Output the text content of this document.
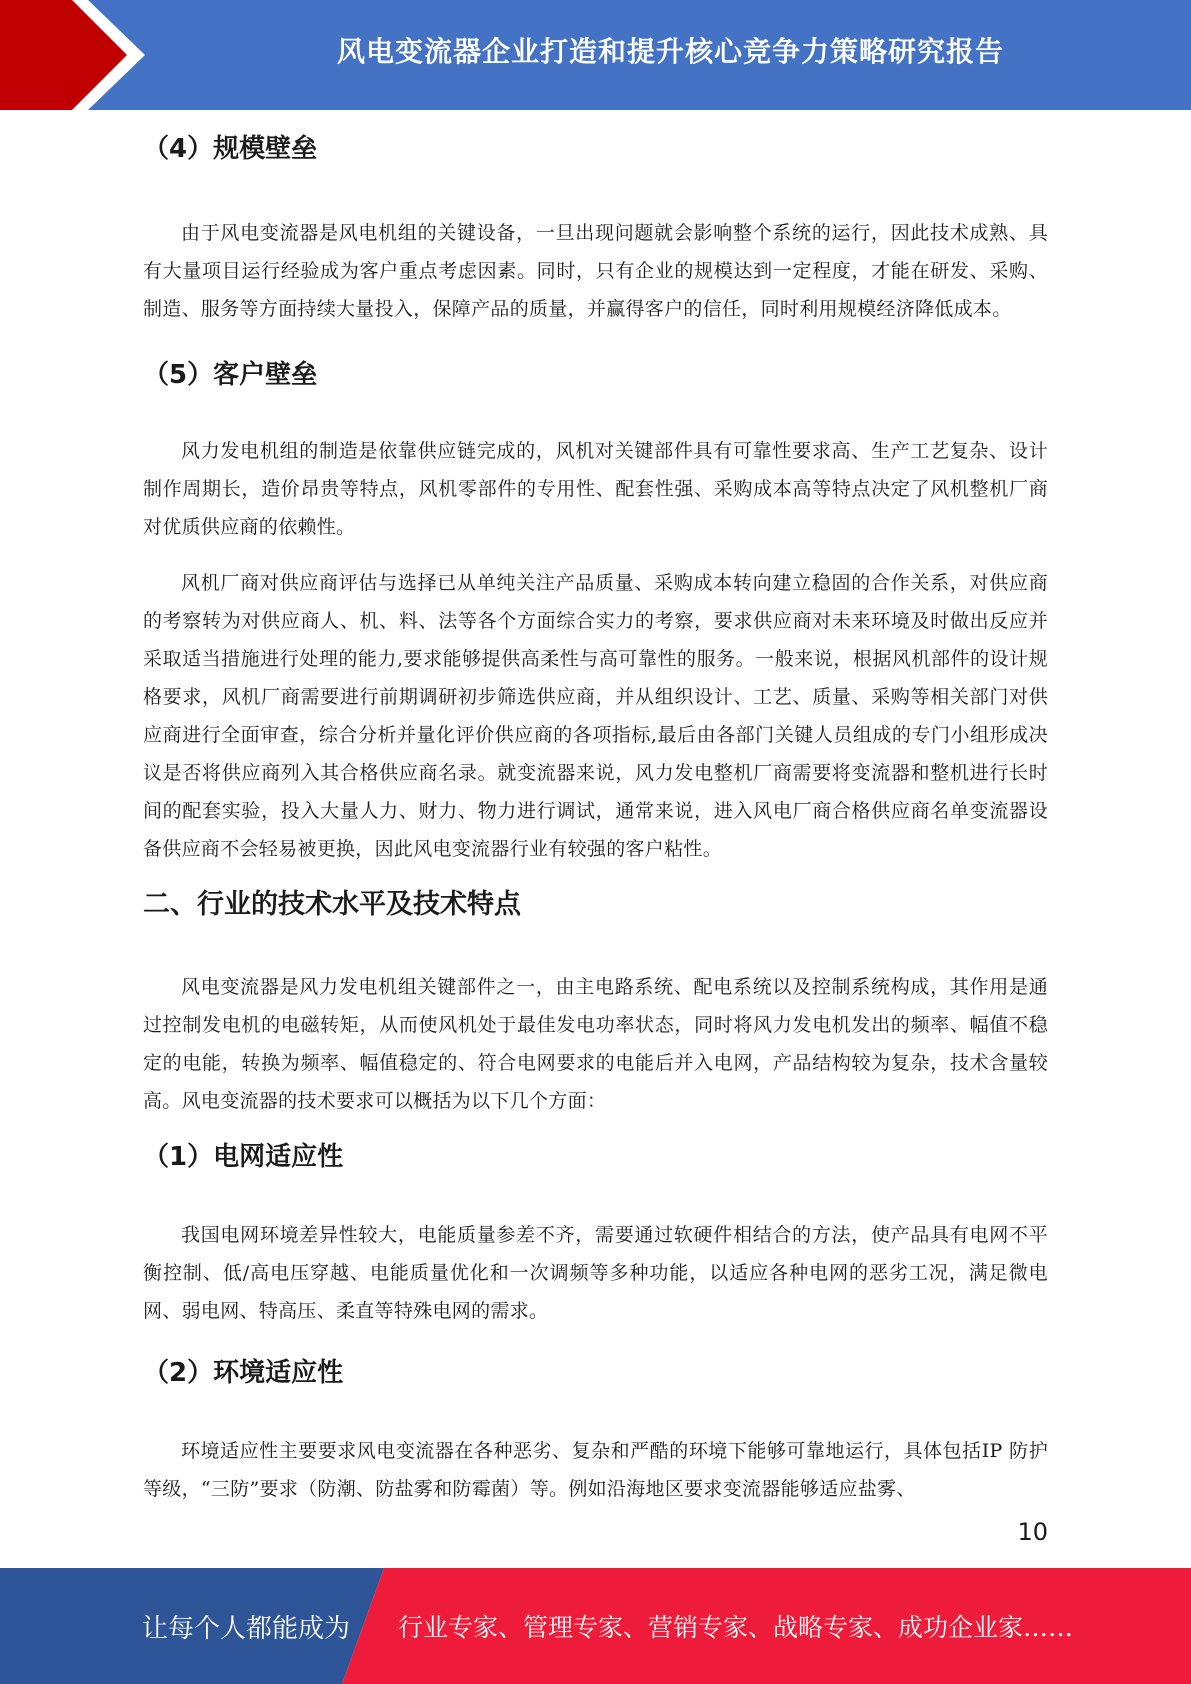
风电变流器企业打造和提升核心竞争力策略研究报告
（4）规模壁垒

由于风电变流器是风电机组的关键设备，一旦出现问题就会影响整个系统的运行，因此技术成熟、具有大量项目运行经验成为客户重点考虑因素。同时，只有企业的规模达到一定程度，才能在研发、采购、制造、服务等方面持续大量投入，保障产品的质量，并赢得客户的信任，同时利用规模经济降低成本。

（5）客户壁垒

风力发电机组的制造是依靠供应链完成的，风机对关键部件具有可靠性要求高、生产工艺复杂、设计制作周期长，造价昂贵等特点，风机零部件的专用性、配套性强、采购成本高等特点决定了风机整机厂商对优质供应商的依赖性。

风机厂商对供应商评估与选择已从单纯关注产品质量、采购成本转向建立稳固的合作关系，对供应商的考察转为对供应商人、机、料、法等各个方面综合实力的考察，要求供应商对未来环境及时做出反应并采取适当措施进行处理的能力,要求能够提供高柔性与高可靠性的服务。一般来说，根据风机部件的设计规格要求，风机厂商需要进行前期调研初步筛选供应商，并从组织设计、工艺、质量、采购等相关部门对供应商进行全面审查，综合分析并量化评价供应商的各项指标,最后由各部门关键人员组成的专门小组形成决议是否将供应商列入其合格供应商名录。就变流器来说，风力发电整机厂商需要将变流器和整机进行长时间的配套实验，投入大量人力、财力、物力进行调试，通常来说，进入风电厂商合格供应商名单变流器设备供应商不会轻易被更换，因此风电变流器行业有较强的客户粘性。

二、行业的技术水平及技术特点

风电变流器是风力发电机组关键部件之一，由主电路系统、配电系统以及控制系统构成，其作用是通过控制发电机的电磁转矩，从而使风机处于最佳发电功率状态，同时将风力发电机发出的频率、幅值不稳定的电能，转换为频率、幅值稳定的、符合电网要求的电能后并入电网，产品结构较为复杂，技术含量较高。风电变流器的技术要求可以概括为以下几个方面：

（1）电网适应性

我国电网环境差异性较大，电能质量参差不齐，需要通过软硬件相结合的方法，使产品具有电网不平衡控制、低/高电压穿越、电能质量优化和一次调频等多种功能，以适应各种电网的恶劣工况，满足微电网、弱电网、特高压、柔直等特殊电网的需求。

（2）环境适应性

环境适应性主要要求风电变流器在各种恶劣、复杂和严酷的环境下能够可靠地运行，具体包括IP 防护等级，“三防”要求（防潮、防盐雾和防霉菌）等。例如沿海地区要求变流器能够适应盐雾、

10
让每个人都能成为 行业专家、管理专家、营销专家、战略专家、成功企业家……
